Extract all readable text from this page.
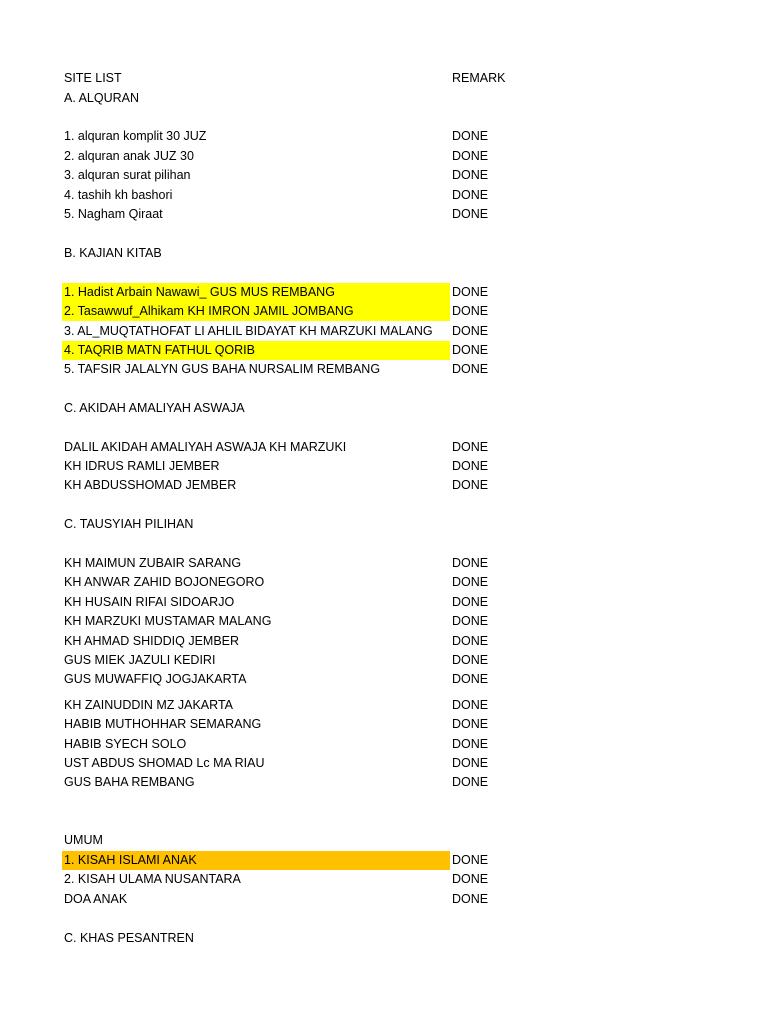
SITE LIST	REMARK
A. ALQURAN
1. alquran komplit 30 JUZ	DONE
2. alquran anak JUZ 30	DONE
3. alquran surat pilihan	DONE
4. tashih kh bashori	DONE
5. Nagham Qiraat	DONE
B. KAJIAN KITAB
1. Hadist Arbain Nawawi_ GUS MUS REMBANG	DONE
2. Tasawwuf_Alhikam KH IMRON JAMIL JOMBANG	DONE
3. AL_MUQTATHOFAT LI AHLIL BIDAYAT KH MARZUKI MALANG	DONE
4. TAQRIB MATN FATHUL QORIB	DONE
5. TAFSIR JALALYN GUS BAHA NURSALIM REMBANG	DONE
C. AKIDAH AMALIYAH ASWAJA
DALIL AKIDAH AMALIYAH ASWAJA KH MARZUKI	DONE
KH IDRUS RAMLI JEMBER	DONE
KH ABDUSSHOMAD JEMBER	DONE
C. TAUSYIAH PILIHAN
KH MAIMUN ZUBAIR SARANG	DONE
KH ANWAR ZAHID BOJONEGORO	DONE
KH HUSAIN RIFAI SIDOARJO	DONE
KH MARZUKI MUSTAMAR MALANG	DONE
KH AHMAD SHIDDIQ JEMBER	DONE
GUS MIEK JAZULI KEDIRI	DONE
GUS MUWAFFIQ JOGJAKARTA	DONE
KH ZAINUDDIN MZ JAKARTA	DONE
HABIB MUTHOHHAR SEMARANG	DONE
HABIB SYECH SOLO	DONE
UST ABDUS SHOMAD Lc MA RIAU	DONE
GUS BAHA REMBANG	DONE
UMUM
1. KISAH ISLAMI ANAK	DONE
2. KISAH ULAMA NUSANTARA	DONE
DOA ANAK	DONE
C. KHAS PESANTREN
